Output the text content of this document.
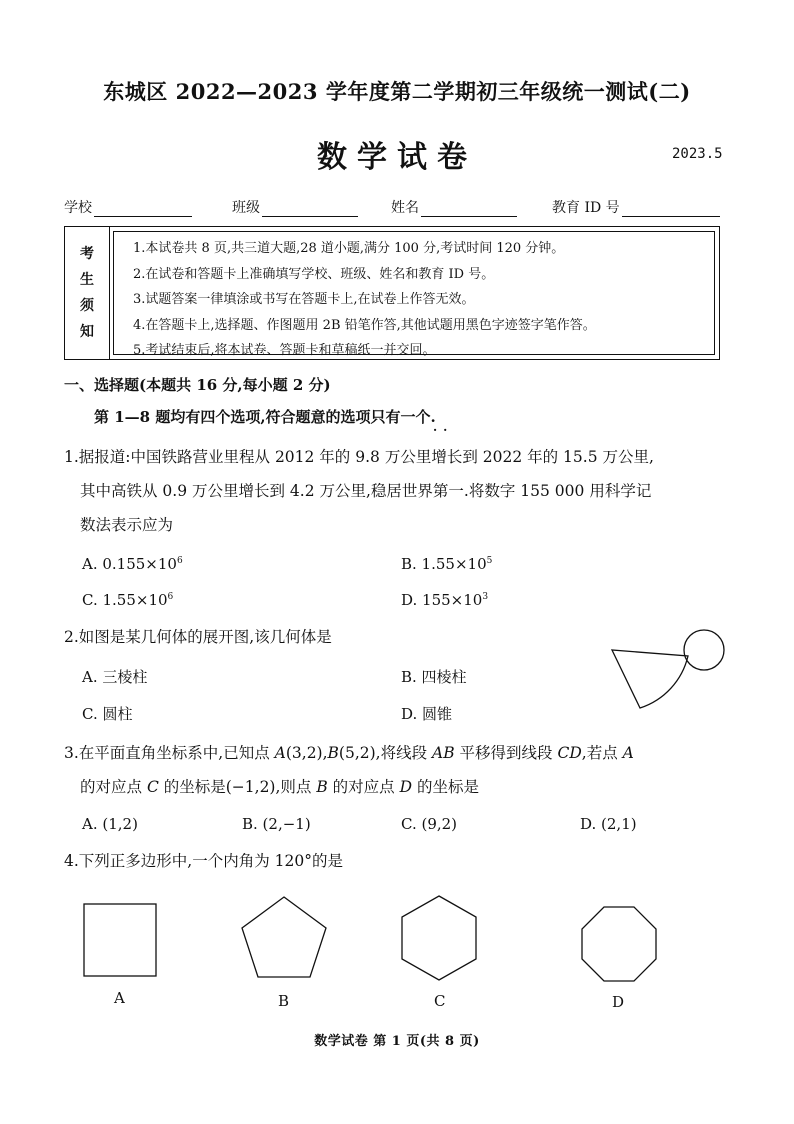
东城区 2022—2023 学年度第二学期初三年级统一测试(二)
数学试卷	2023.5
学校	班级	姓名	教育 ID 号
考
生
须
知
1.本试卷共 8 页,共三道大题,28 道小题,满分 100 分,考试时间 120 分钟。
2.在试卷和答题卡上准确填写学校、班级、姓名和教育 ID 号。
3.试题答案一律填涂或书写在答题卡上,在试卷上作答无效。
4.在答题卡上,选择题、作图题用 2B 铅笔作答,其他试题用黑色字迹签字笔作答。
5.考试结束后,将本试卷、答题卡和草稿纸一并交回。
一、选择题(本题共 16 分,每小题 2 分)
第 1—8 题均有四个选项,符合题意的选项只有一个.
··
1.据报道:中国铁路营业里程从 2012 年的 9.8 万公里增长到 2022 年的 15.5 万公里,
其中高铁从 0.9 万公里增长到 4.2 万公里,稳居世界第一.将数字 155 000 用科学记
数法表示应为
A. $0.155\times 10^6$	B. $1.55\times 10^5$
C. $1.55\times 10^6$	D. $155\times 10^3$
2.如图是某几何体的展开图,该几何体是
A. 三棱柱	B. 四棱柱
C. 圆柱	D. 圆锥
3.在平面直角坐标系中,已知点 A(3,2),B(5,2),将线段 AB 平移得到线段 CD,若点 A
的对应点 C 的坐标是(−1,2),则点 B 的对应点 D 的坐标是
A. (1,2)	B. (2,−1)	C. (9,2)	D. (2,1)
4.下列正多边形中,一个内角为 120°的是
A	B	C	D
数学试卷 第 1 页(共 8 页)
